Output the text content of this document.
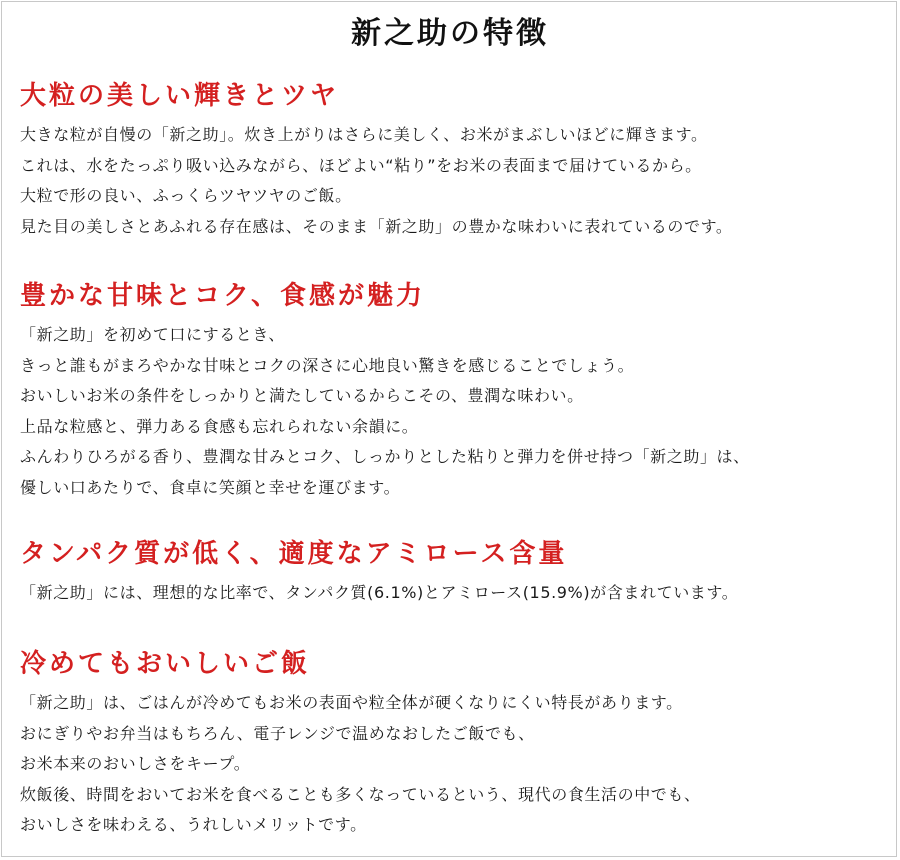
新之助の特徴
大粒の美しい輝きとツヤ
大きな粒が自慢の「新之助」。炊き上がりはさらに美しく、お米がまぶしいほどに輝きます。
これは、水をたっぷり吸い込みながら、ほどよい“粘り”をお米の表面まで届けているから。
大粒で形の良い、ふっくらツヤツヤのご飯。
見た目の美しさとあふれる存在感は、そのまま「新之助」の豊かな味わいに表れているのです。
豊かな甘味とコク、食感が魅力
「新之助」を初めて口にするとき、
きっと誰もがまろやかな甘味とコクの深さに心地良い驚きを感じることでしょう。
おいしいお米の条件をしっかりと満たしているからこその、豊潤な味わい。
上品な粒感と、弾力ある食感も忘れられない余韻に。
ふんわりひろがる香り、豊潤な甘みとコク、しっかりとした粘りと弾力を併せ持つ「新之助」は、
優しい口あたりで、食卓に笑顔と幸せを運びます。
タンパク質が低く、適度なアミロース含量
「新之助」には、理想的な比率で、タンパク質(6.1%)とアミロース(15.9%)が含まれています。
冷めてもおいしいご飯
「新之助」は、ごはんが冷めてもお米の表面や粒全体が硬くなりにくい特長があります。
おにぎりやお弁当はもちろん、電子レンジで温めなおしたご飯でも、
お米本来のおいしさをキープ。
炊飯後、時間をおいてお米を食べることも多くなっているという、現代の食生活の中でも、
おいしさを味わえる、うれしいメリットです。
